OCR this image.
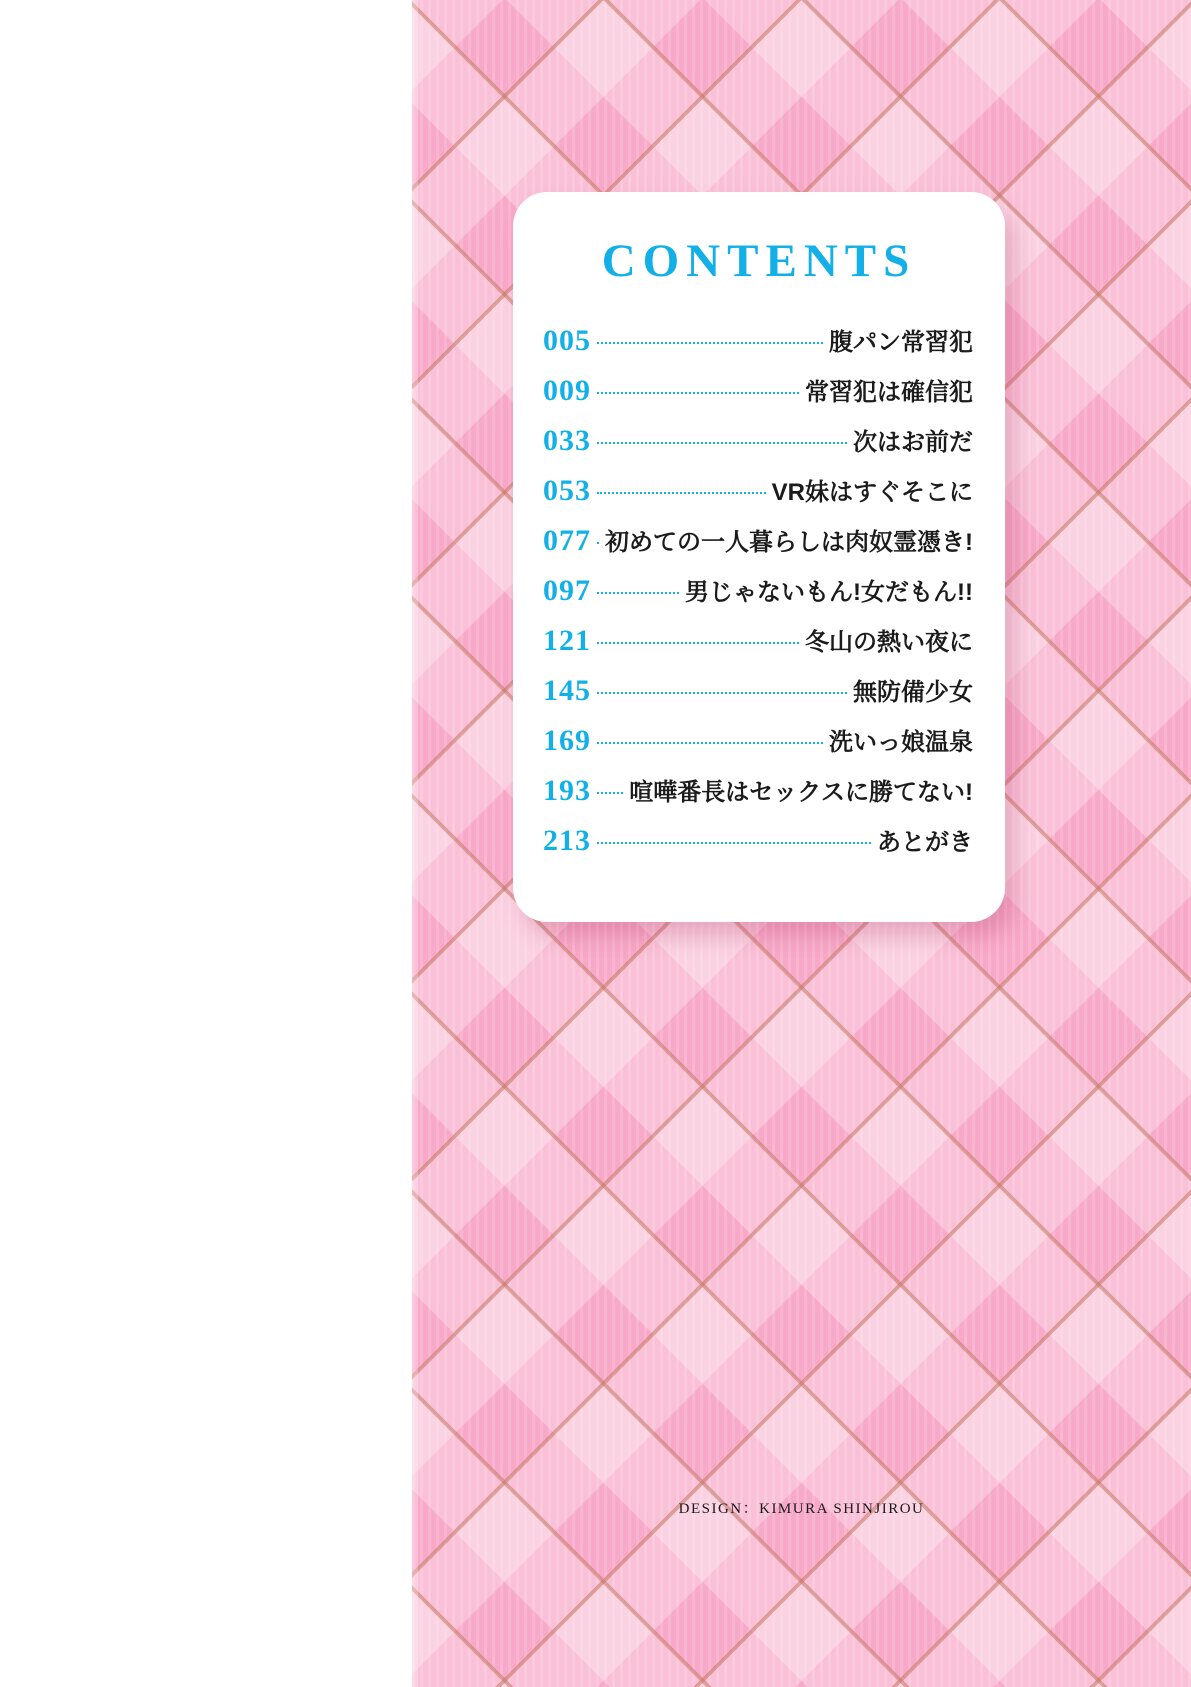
CONTENTS
005	腹パン常習犯
009	常習犯は確信犯
033	次はお前だ
053	VR妹はすぐそこに
077 初めての一人暮らしは肉奴霊憑き!
097	男じゃないもん!女だもん!!
121	冬山の熱い夜に
145	無防備少女
169	洗いっ娘温泉
193 喧嘩番長はセックスに勝てない!
213	あとがき
DESIGN：KIMURA SHINJIROU
